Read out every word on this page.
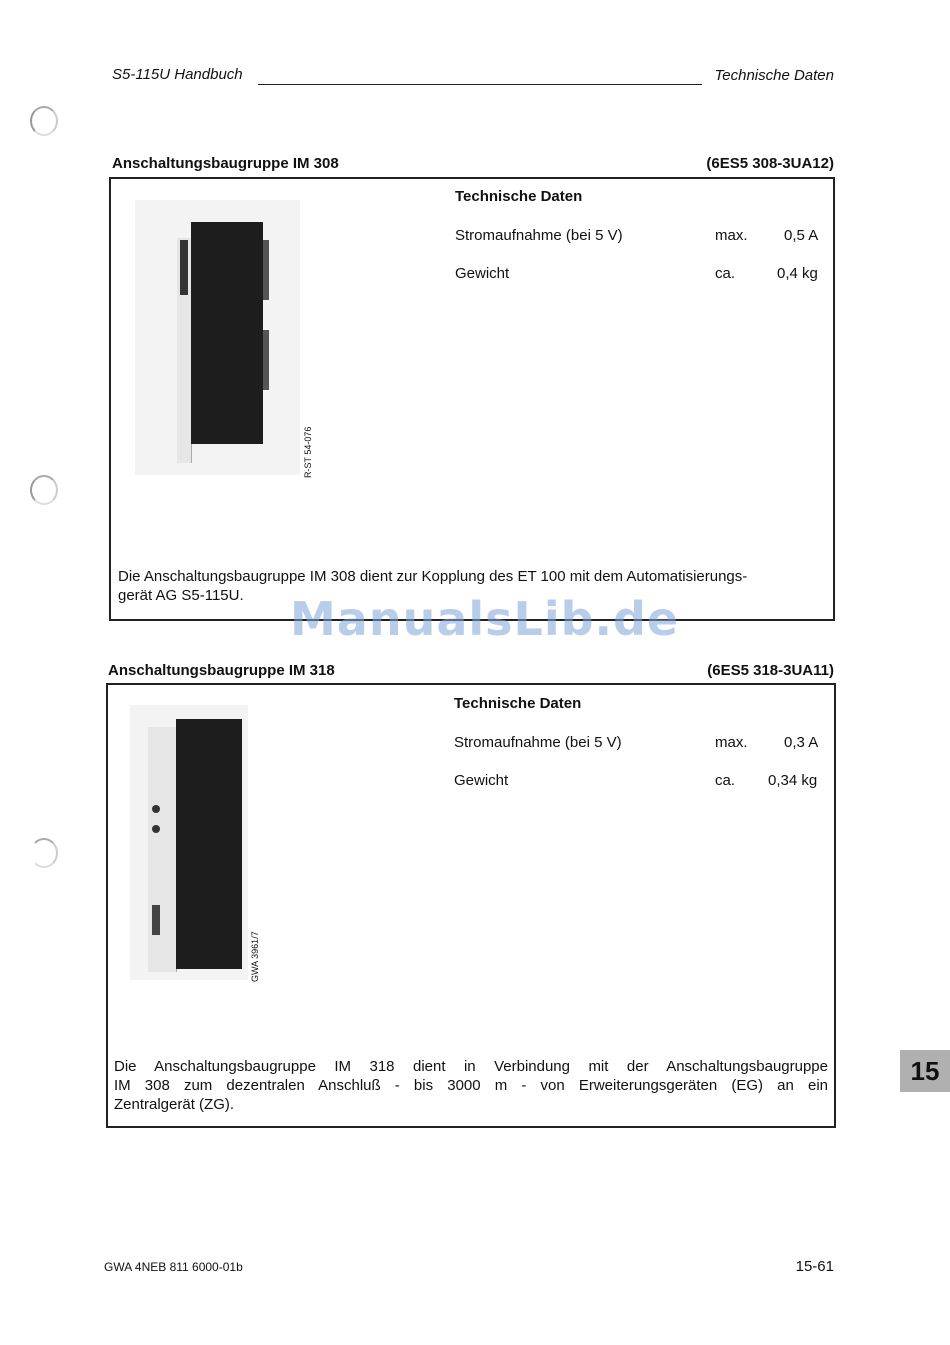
S5-115U Handbuch	Technische Daten
Anschaltungsbaugruppe IM 308	(6ES5 308-3UA12)
R-ST 54-076
Technische Daten
Stromaufnahme (bei 5 V)	max. 0,5 A
Gewicht	ca.	0,4 kg
Die Anschaltungsbaugruppe IM 308 dient zur Kopplung des ET 100 mit dem Automatisierungs-
gerät AG S5-115U.	ManualsLib.de
Anschaltungsbaugruppe IM 318	(6ES5 318-3UA11)
GWA 3961/7
Technische Daten
Stromaufnahme (bei 5 V)	max. 0,3 A
Gewicht	ca. 0,34 kg
Die Anschaltungsbaugruppe IM 318 dient in Verbindung mit der Anschaltungsbaugruppe
IM 308 zum dezentralen Anschluß - bis 3000 m - von Erweiterungsgeräten (EG) an ein
Zentralgerät (ZG).
15
GWA 4NEB 811 6000-01b	15-61
